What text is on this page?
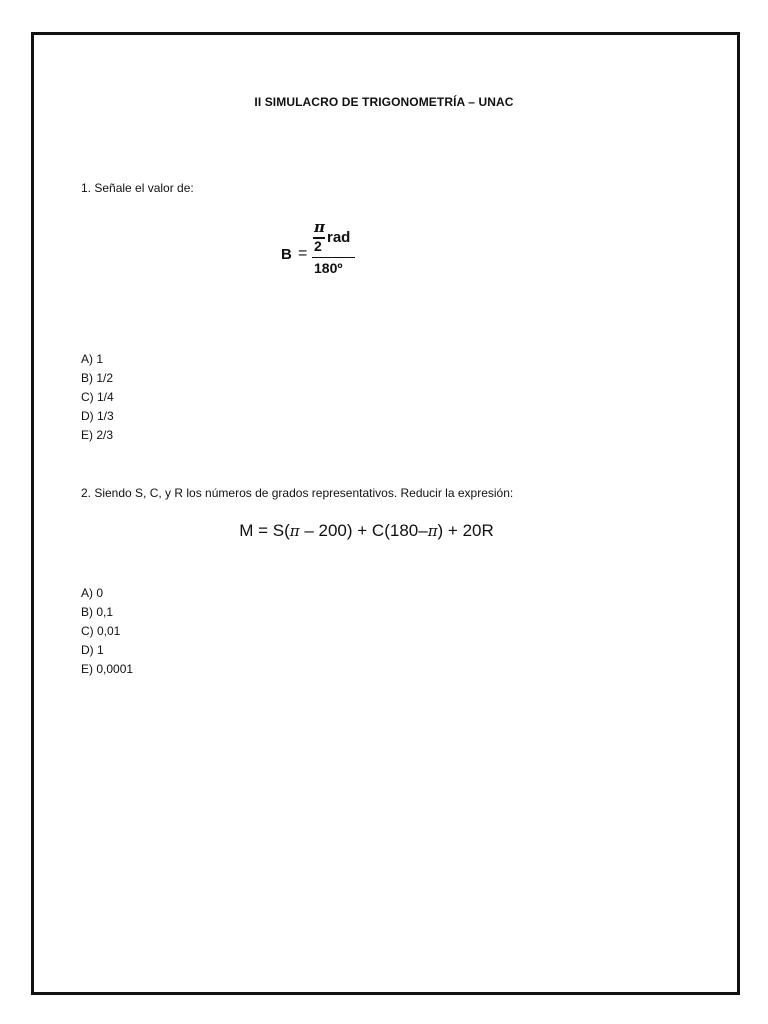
II SIMULACRO DE TRIGONOMETRÍA – UNAC
1. Señale el valor de:
B =
π
2 rad
180º
A) 1
B) 1/2
C) 1/4
D) 1/3
E) 2/3
2. Siendo S, C, y R los números de grados representativos. Reducir la expresión:
M = S(π – 200) + C(180–π) + 20R
A) 0
B) 0,1
C) 0,01
D) 1
E) 0,0001
